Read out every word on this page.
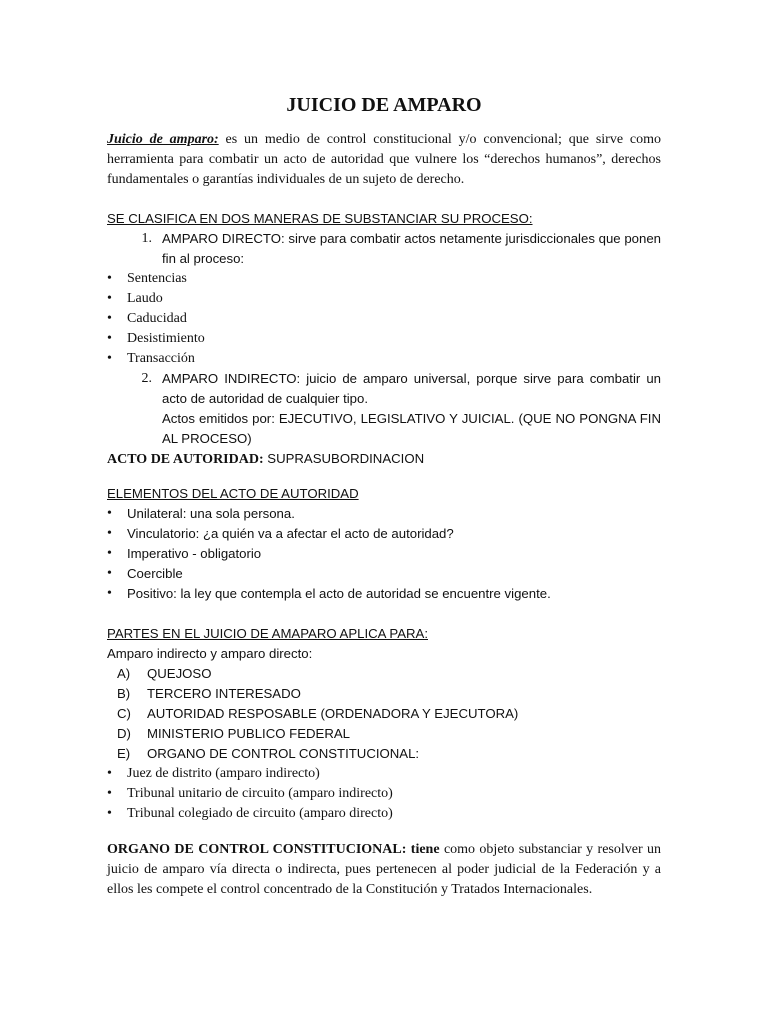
JUICIO DE AMPARO
Juicio de amparo: es un medio de control constitucional y/o convencional; que sirve como herramienta para combatir un acto de autoridad que vulnere los “derechos humanos”, derechos fundamentales o garantías individuales de un sujeto de derecho.
SE CLASIFICA EN DOS MANERAS DE SUBSTANCIAR SU PROCESO:
1. AMPARO DIRECTO: sirve para combatir actos netamente jurisdiccionales que ponen fin al proceso:
•	Sentencias
•	Laudo
•	Caducidad
•	Desistimiento
•	Transacción
2. AMPARO INDIRECTO: juicio de amparo universal, porque sirve para combatir un acto de autoridad de cualquier tipo.
Actos emitidos por: EJECUTIVO, LEGISLATIVO Y JUICIAL. (QUE NO PONGNA FIN AL PROCESO)
ACTO DE AUTORIDAD: SUPRASUBORDINACION
ELEMENTOS DEL ACTO DE AUTORIDAD
•	Unilateral: una sola persona.
•	Vinculatorio: ¿a quién va a afectar el acto de autoridad?
•	Imperativo - obligatorio
•	Coercible
•	Positivo: la ley que contempla el acto de autoridad se encuentre vigente.
PARTES EN EL JUICIO DE AMAPARO APLICA PARA:
Amparo indirecto y amparo directo:
A)	QUEJOSO
B)	TERCERO INTERESADO
C)	AUTORIDAD RESPOSABLE (ORDENADORA Y EJECUTORA)
D)	MINISTERIO PUBLICO FEDERAL
E)	ORGANO DE CONTROL CONSTITUCIONAL:
•	Juez de distrito (amparo indirecto)
•	Tribunal unitario de circuito (amparo indirecto)
•	Tribunal colegiado de circuito (amparo directo)
ORGANO DE CONTROL CONSTITUCIONAL: tiene como objeto substanciar y resolver un juicio de amparo vía directa o indirecta, pues pertenecen al poder judicial de la Federación y a ellos les compete el control concentrado de la Constitución y Tratados Internacionales.
